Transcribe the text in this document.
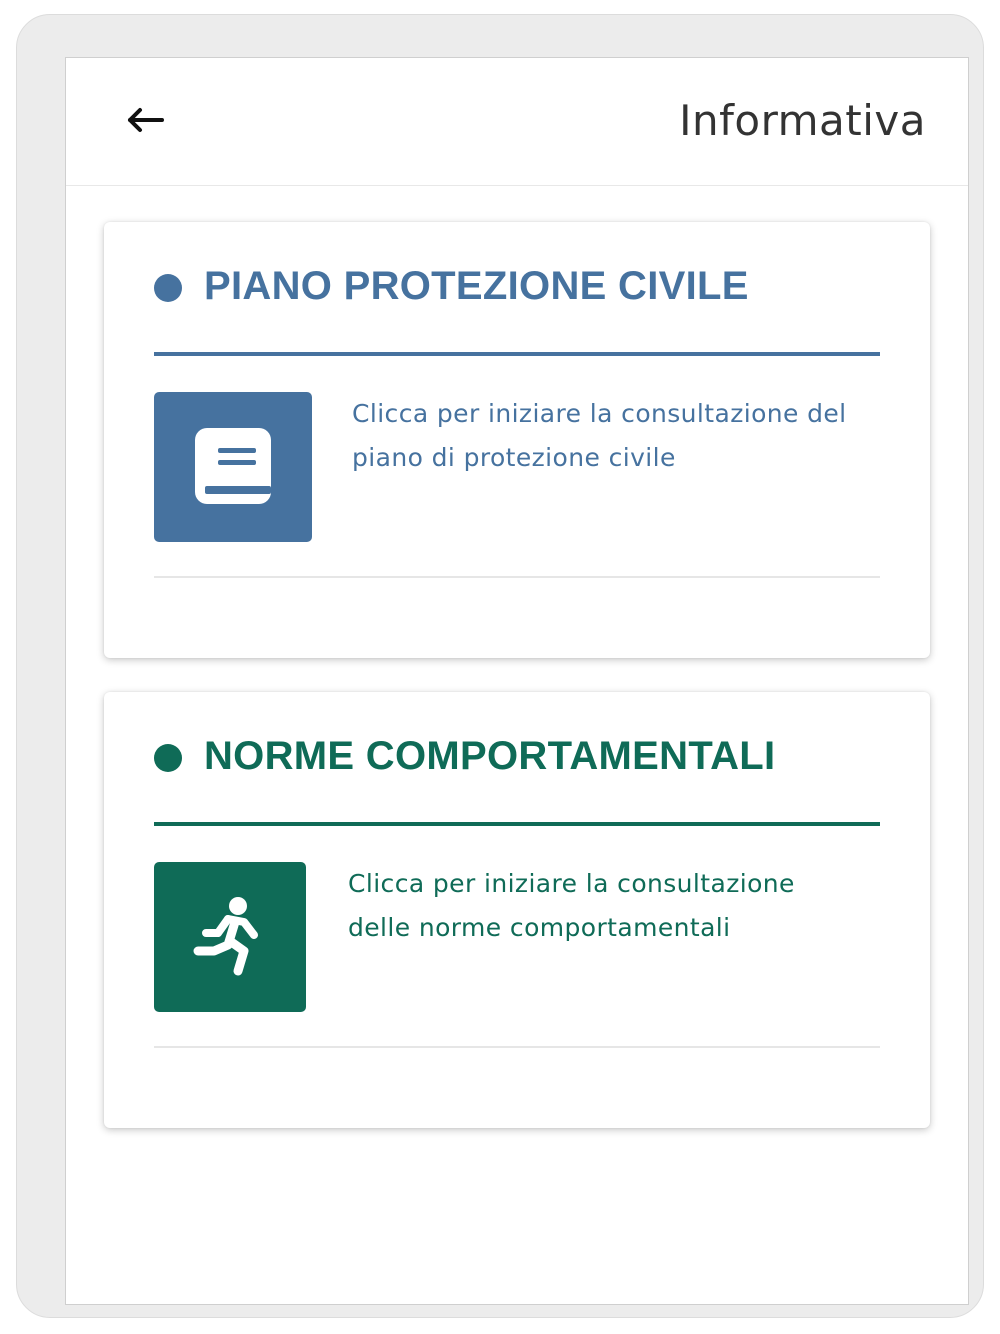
Informativa
PIANO PROTEZIONE CIVILE
Clicca per iniziare la consultazione del
piano di protezione civile
NORME COMPORTAMENTALI
Clicca per iniziare la consultazione
delle norme comportamentali
